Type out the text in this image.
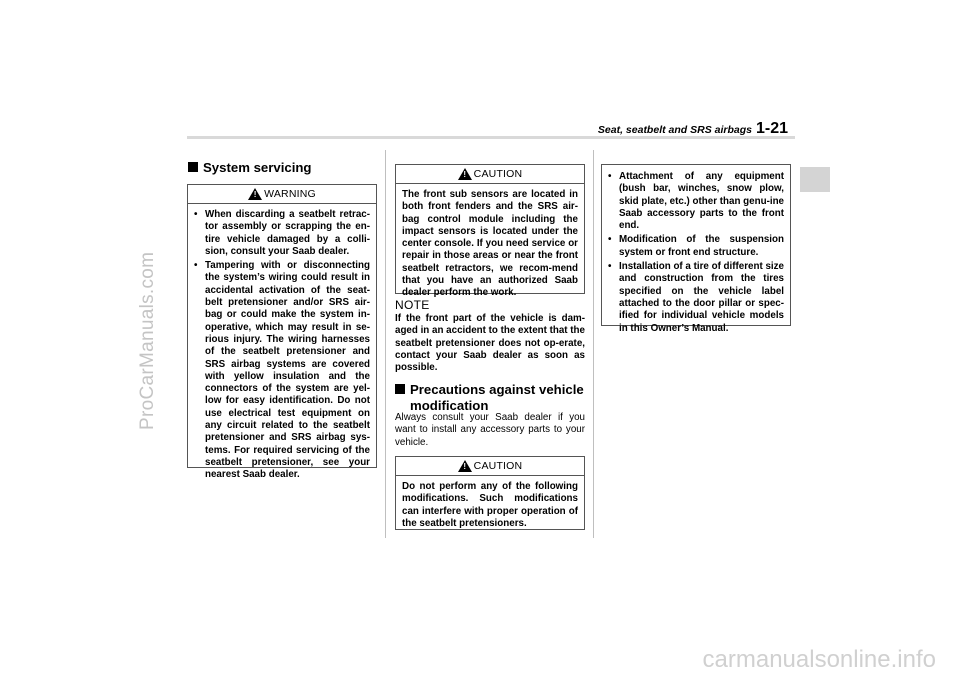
ProCarManuals.com
carmanualsonline.info
Seat, seatbelt and SRS airbags 1-21
System servicing
! WARNING
• When discarding a seatbelt retrac-tor assembly or scrapping the en-tire vehicle damaged by a colli-sion, consult your Saab dealer.
• Tampering with or disconnecting the system’s wiring could result in accidental activation of the seat-belt pretensioner and/or SRS air-bag or could make the system in-operative, which may result in se-rious injury. The wiring harnesses of the seatbelt pretensioner and SRS airbag systems are covered with yellow insulation and the connectors of the system are yel-low for easy identification. Do not use electrical test equipment on any circuit related to the seatbelt pretensioner and SRS airbag sys-tems. For required servicing of the seatbelt pretensioner, see your nearest Saab dealer.
! CAUTION
The front sub sensors are located in both front fenders and the SRS air-bag control module including the impact sensors is located under the center console. If you need service or repair in those areas or near the front seatbelt retractors, we recom-mend that you have an authorized Saab dealer perform the work.
NOTE
If the front part of the vehicle is dam-aged in an accident to the extent that the seatbelt pretensioner does not op-erate, contact your Saab dealer as soon as possible.
Precautions against vehicle
modification
Always consult your Saab dealer if you want to install any accessory parts to your vehicle.
! CAUTION
Do not perform any of the following modifications. Such modifications can interfere with proper operation of the seatbelt pretensioners.
• Attachment of any equipment (bush bar, winches, snow plow, skid plate, etc.) other than genu-ine Saab accessory parts to the front end.
• Modification of the suspension system or front end structure.
• Installation of a tire of different size and construction from the tires specified on the vehicle label attached to the door pillar or spec-ified for individual vehicle models in this Owner’s Manual.
